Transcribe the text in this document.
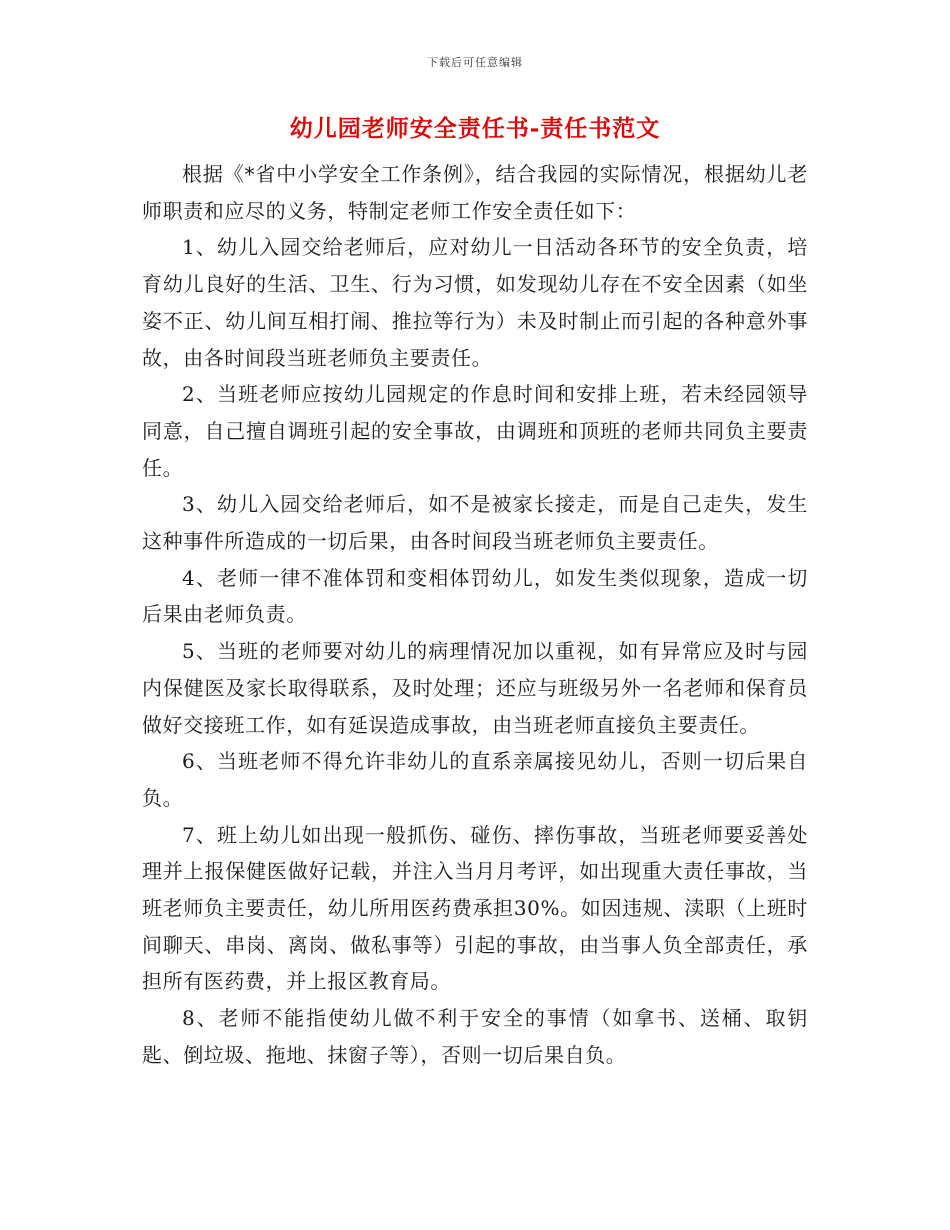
下载后可任意编辑
幼儿园老师安全责任书-责任书范文

根据《*省中小学安全工作条例》，结合我园的实际情况，根据幼儿老师职责和应尽的义务，特制定老师工作安全责任如下：

1、幼儿入园交给老师后，应对幼儿一日活动各环节的安全负责，培育幼儿良好的生活、卫生、行为习惯，如发现幼儿存在不安全因素（如坐姿不正、幼儿间互相打闹、推拉等行为）未及时制止而引起的各种意外事故，由各时间段当班老师负主要责任。

2、当班老师应按幼儿园规定的作息时间和安排上班，若未经园领导同意，自己擅自调班引起的安全事故，由调班和顶班的老师共同负主要责任。

3、幼儿入园交给老师后，如不是被家长接走，而是自己走失，发生这种事件所造成的一切后果，由各时间段当班老师负主要责任。

4、老师一律不准体罚和变相体罚幼儿，如发生类似现象，造成一切后果由老师负责。

5、当班的老师要对幼儿的病理情况加以重视，如有异常应及时与园内保健医及家长取得联系，及时处理；还应与班级另外一名老师和保育员做好交接班工作，如有延误造成事故，由当班老师直接负主要责任。

6、当班老师不得允许非幼儿的直系亲属接见幼儿，否则一切后果自负。

7、班上幼儿如出现一般抓伤、碰伤、摔伤事故，当班老师要妥善处理并上报保健医做好记载，并注入当月月考评，如出现重大责任事故，当班老师负主要责任，幼儿所用医药费承担30%。如因违规、渎职（上班时间聊天、串岗、离岗、做私事等）引起的事故，由当事人负全部责任，承担所有医药费，并上报区教育局。

8、老师不能指使幼儿做不利于安全的事情（如拿书、送桶、取钥匙、倒垃圾、拖地、抹窗子等），否则一切后果自负。
